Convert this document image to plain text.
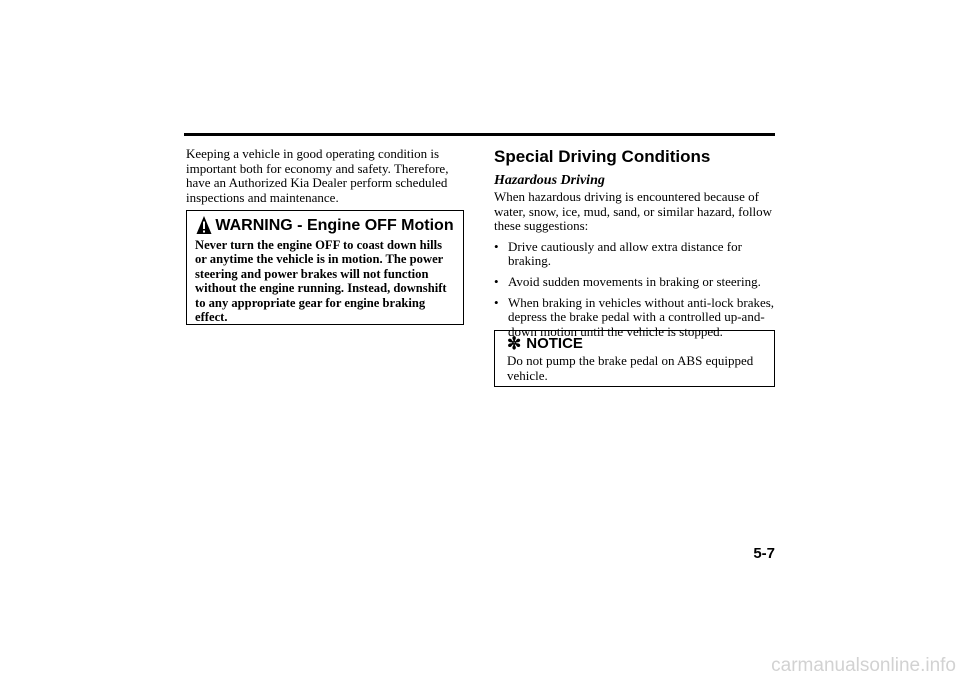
Keeping a vehicle in good operating condition is important both for economy and safety. Therefore, have an Authorized Kia Dealer perform scheduled inspections and maintenance.

WARNING - Engine OFF Motion

Never turn the engine OFF to coast down hills or anytime the vehicle is in motion. The power steering and power brakes will not function without the engine running. Instead, downshift to any appropriate gear for engine braking effect.

Special Driving Conditions
Hazardous Driving

When hazardous driving is encountered because of water, snow, ice, mud, sand, or similar hazard, follow these suggestions:

• Drive cautiously and allow extra distance for braking.
• Avoid sudden movements in braking or steering.
• When braking in vehicles without anti-lock brakes, depress the brake pedal with a controlled up-and-down motion until the vehicle is stopped.
✼ NOTICE

Do not pump the brake pedal on ABS equipped vehicle.

5-7
carmanualsonline.info
